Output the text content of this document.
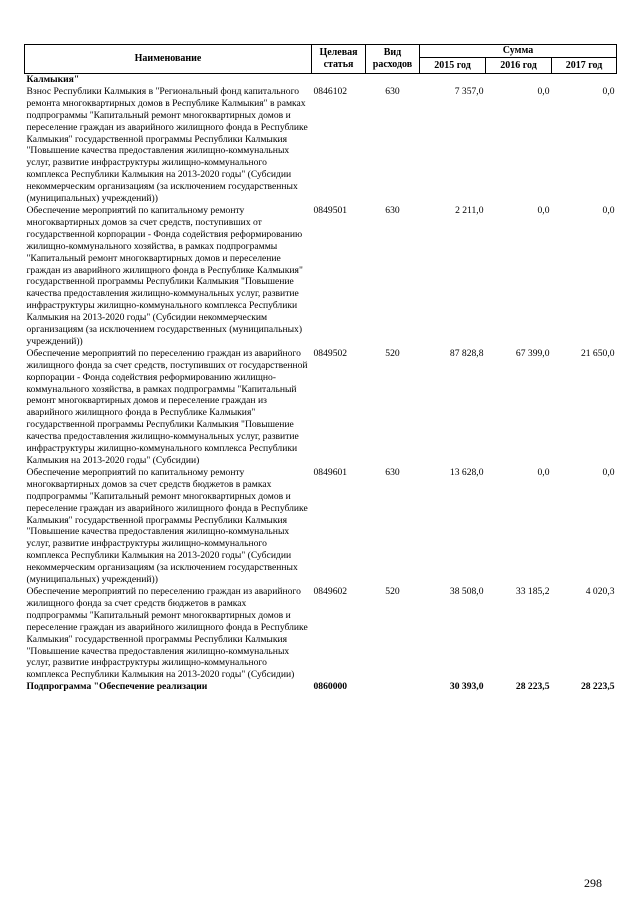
Наименование	Целевая статья	Вид расходов	Сумма		
			2015 год	2016 год	2017 год
Калмыкия"					
Взнос Республики Калмыкия в "Региональный фонд капитального ремонта многоквартирных домов в Республике Калмыкия" в рамках подпрограммы "Капитальный ремонт многоквартирных домов и переселение граждан из аварийного жилищного фонда в Республике Калмыкия" государственной программы Республики Калмыкия "Повышение качества предоставления жилищно-коммунальных услуг, развитие инфраструктуры жилищно-коммунального комплекса Республики Калмыкия на 2013-2020 годы" (Субсидии некоммерческим организациям (за исключением государственных (муниципальных) учреждений))	0846102	630	7 357,0	0,0	0,0
Обеспечение мероприятий по капитальному ремонту многоквартирных домов за счет средств, поступивших от государственной корпорации - Фонда содействия реформированию жилищно-коммунального хозяйства, в рамках подпрограммы "Капитальный ремонт многоквартирных домов и переселение граждан из аварийного жилищного фонда в Республике Калмыкия" государственной программы Республики Калмыкия "Повышение качества предоставления жилищно-коммунальных услуг, развитие инфраструктуры жилищно-коммунального комплекса Республики Калмыкия на 2013-2020 годы" (Субсидии некоммерческим организациям (за исключением государственных (муниципальных) учреждений))	0849501	630	2 211,0	0,0	0,0
Обеспечение мероприятий по переселению граждан из аварийного жилищного фонда за счет средств, поступивших от государственной корпорации - Фонда содействия реформированию жилищно-коммунального хозяйства, в рамках подпрограммы "Капитальный ремонт многоквартирных домов и переселение граждан из аварийного жилищного фонда в Республике Калмыкия" государственной программы Республики Калмыкия "Повышение качества предоставления жилищно-коммунальных услуг, развитие инфраструктуры жилищно-коммунального комплекса Республики Калмыкия на 2013-2020 годы" (Субсидии)	0849502	520	87 828,8	67 399,0	21 650,0
Обеспечение мероприятий по капитальному ремонту многоквартирных домов за счет средств бюджетов в рамках подпрограммы "Капитальный ремонт многоквартирных домов и переселение граждан из аварийного жилищного фонда в Республике Калмыкия" государственной программы Республики Калмыкия "Повышение качества предоставления жилищно-коммунальных услуг, развитие инфраструктуры жилищно-коммунального комплекса Республики Калмыкия на 2013-2020 годы" (Субсидии некоммерческим организациям (за исключением государственных (муниципальных) учреждений))	0849601	630	13 628,0	0,0	0,0
Обеспечение мероприятий по переселению граждан из аварийного жилищного фонда за счет средств бюджетов в рамках подпрограммы "Капитальный ремонт многоквартирных домов и переселение граждан из аварийного жилищного фонда в Республике Калмыкия" государственной программы Республики Калмыкия "Повышение качества предоставления жилищно-коммунальных услуг, развитие инфраструктуры жилищно-коммунального комплекса Республики Калмыкия на 2013-2020 годы" (Субсидии)	0849602	520	38 508,0	33 185,2	4 020,3
Подпрограмма "Обеспечение реализации	0860000		30 393,0	28 223,5	28 223,5
298
